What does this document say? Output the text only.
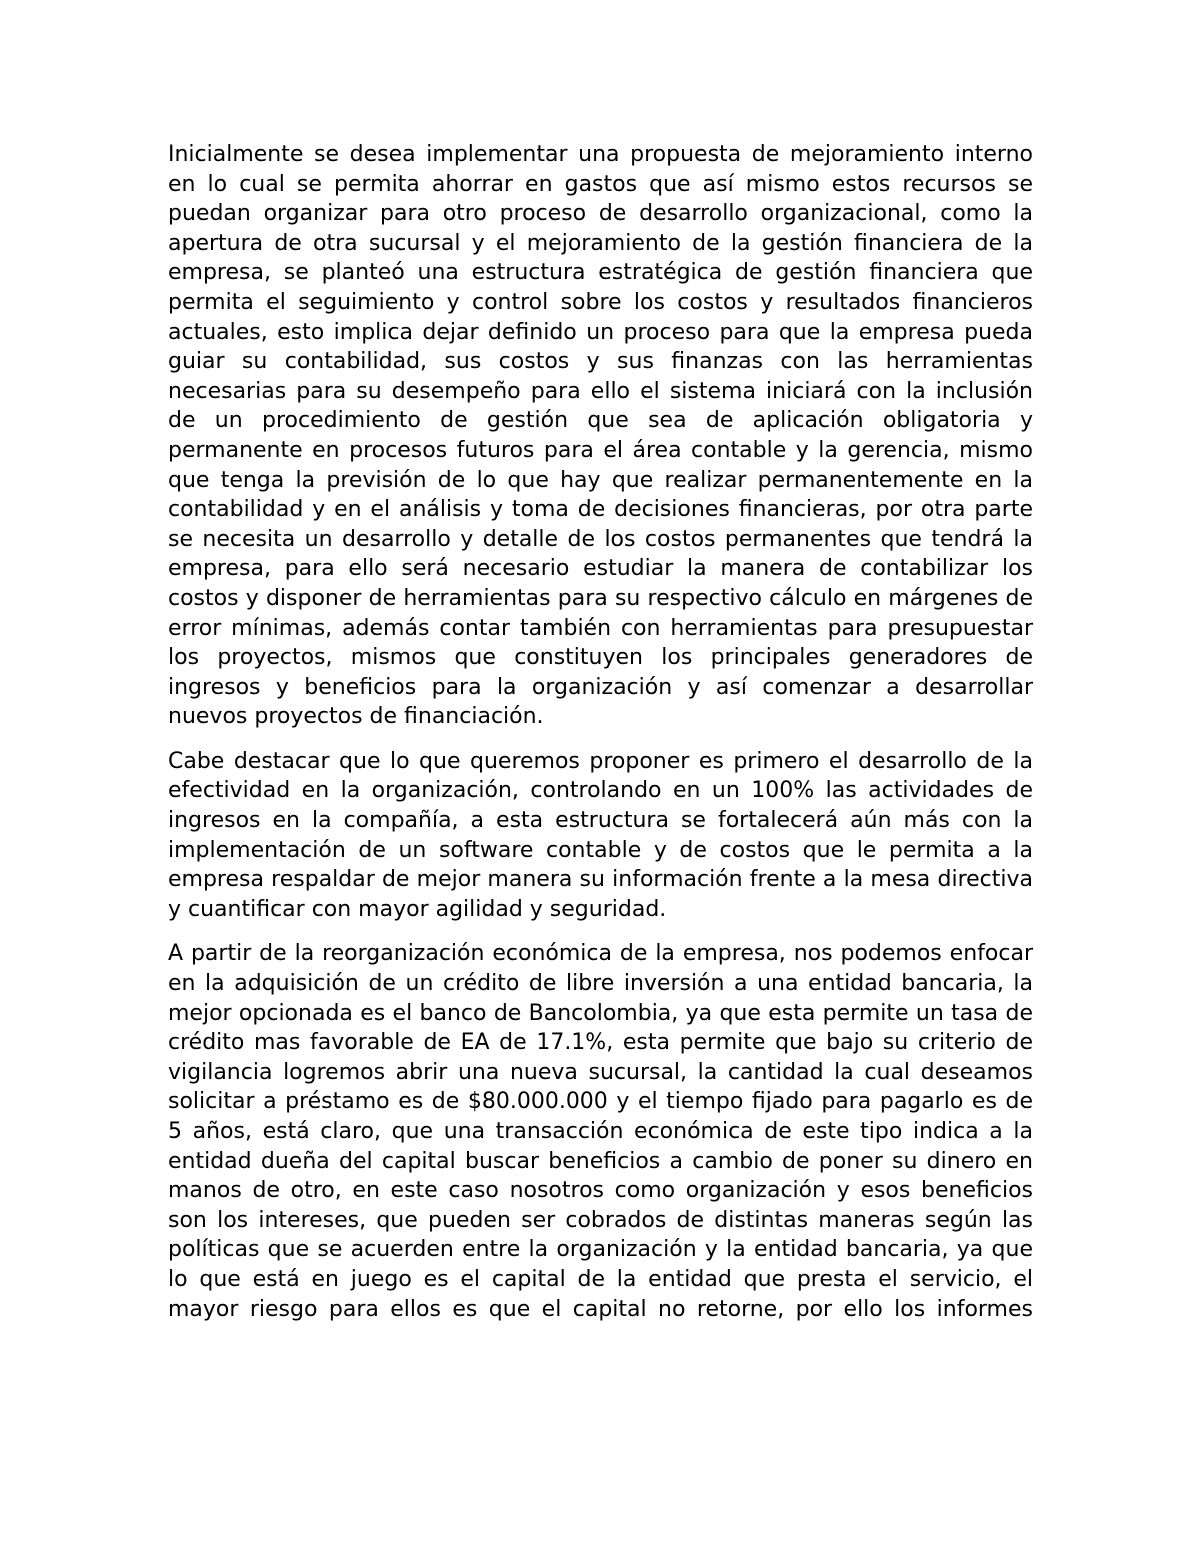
Inicialmente se desea implementar una propuesta de mejoramiento interno en lo cual se permita ahorrar en gastos que así mismo estos recursos se puedan organizar para otro proceso de desarrollo organizacional, como la apertura de otra sucursal y el mejoramiento de la gestión financiera de la empresa, se planteó una estructura estratégica de gestión financiera que permita el seguimiento y control sobre los costos y resultados financieros actuales, esto implica dejar definido un proceso para que la empresa pueda guiar su contabilidad, sus costos y sus finanzas con las herramientas necesarias para su desempeño para ello el sistema iniciará con la inclusión de un procedimiento de gestión que sea de aplicación obligatoria y permanente en procesos futuros para el área contable y la gerencia, mismo que tenga la previsión de lo que hay que realizar permanentemente en la contabilidad y en el análisis y toma de decisiones financieras, por otra parte se necesita un desarrollo y detalle de los costos permanentes que tendrá la empresa, para ello será necesario estudiar la manera de contabilizar los costos y disponer de herramientas para su respectivo cálculo en márgenes de error mínimas, además contar también con herramientas para presupuestar los proyectos, mismos que constituyen los principales generadores de ingresos y beneficios para la organización y así comenzar a desarrollar nuevos proyectos de financiación.

Cabe destacar que lo que queremos proponer es primero el desarrollo de la efectividad en la organización, controlando en un 100% las actividades de ingresos en la compañía, a esta estructura se fortalecerá aún más con la implementación de un software contable y de costos que le permita a la empresa respaldar de mejor manera su información frente a la mesa directiva y cuantificar con mayor agilidad y seguridad.

A partir de la reorganización económica de la empresa, nos podemos enfocar en la adquisición de un crédito de libre inversión a una entidad bancaria, la mejor opcionada es el banco de Bancolombia, ya que esta permite un tasa de crédito mas favorable de EA de 17.1%, esta permite que bajo su criterio de vigilancia logremos abrir una nueva sucursal, la cantidad la cual deseamos solicitar a préstamo es de $80.000.000 y el tiempo fijado para pagarlo es de 5 años, está claro, que una transacción económica de este tipo indica a la entidad dueña del capital buscar beneficios a cambio de poner su dinero en manos de otro, en este caso nosotros como organización y esos beneficios son los intereses, que pueden ser cobrados de distintas maneras según las políticas que se acuerden entre la organización y la entidad bancaria, ya que lo que está en juego es el capital de la entidad que presta el servicio, el mayor riesgo para ellos es que el capital no retorne, por ello los informes
